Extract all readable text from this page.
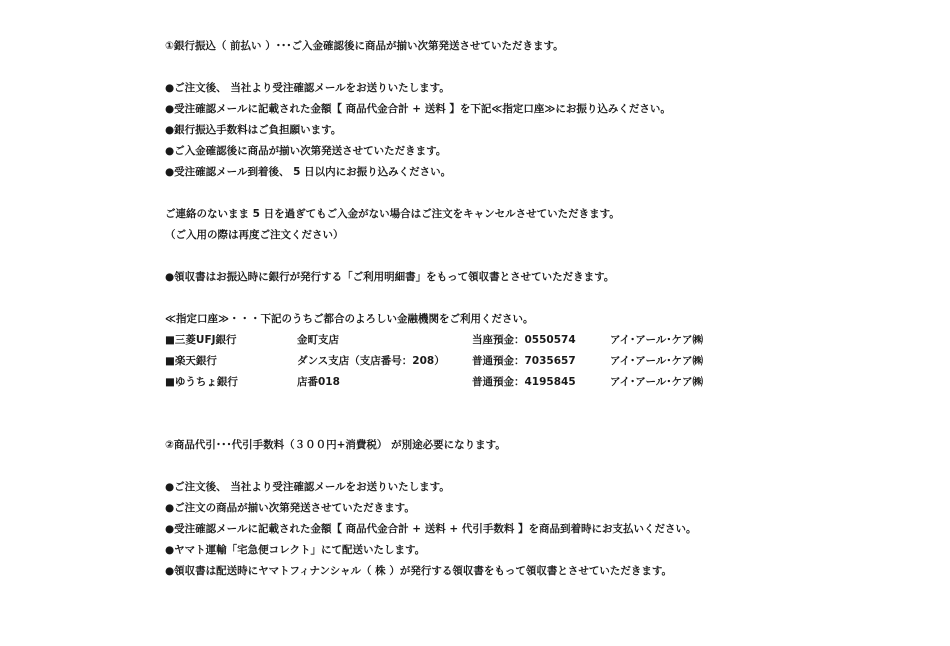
①銀行振込（ 前払い ）･･･ご入金確認後に商品が揃い次第発送させていただきます。
●ご注文後、 当社より受注確認メールをお送りいたします。
●受注確認メールに記載された金額【 商品代金合計 + 送料 】を下記≪指定口座≫にお振り込みください。
●銀行振込手数料はご負担願います。
●ご入金確認後に商品が揃い次第発送させていただきます。
●受注確認メール到着後、 5 日以内にお振り込みください。
ご連絡のないまま 5 日を過ぎてもご入金がない場合はご注文をキャンセルさせていただきます。
（ご入用の際は再度ご注文ください）
●領収書はお振込時に銀行が発行する「ご利用明細書」をもって領収書とさせていただきます。
≪指定口座≫・・・下記のうちご都合のよろしい金融機関をご利用ください。
■三菱UFJ銀行	金町支店	当座預金：0550574	アイ･アール･ケア㈱
■楽天銀行	ダンス支店（支店番号：208）	普通預金：7035657	アイ･アール･ケア㈱
■ゆうちょ銀行	店番018	普通預金：4195845	アイ･アール･ケア㈱
②商品代引･･･代引手数料（３００円+消費税） が別途必要になります。
●ご注文後、 当社より受注確認メールをお送りいたします。
●ご注文の商品が揃い次第発送させていただきます。
●受注確認メールに記載された金額【 商品代金合計 + 送料 + 代引手数料 】を商品到着時にお支払いください。
●ヤマト運輸「宅急便コレクト」にて配送いたします。
●領収書は配送時にヤマトフィナンシャル（ 株 ）が発行する領収書をもって領収書とさせていただきます。
